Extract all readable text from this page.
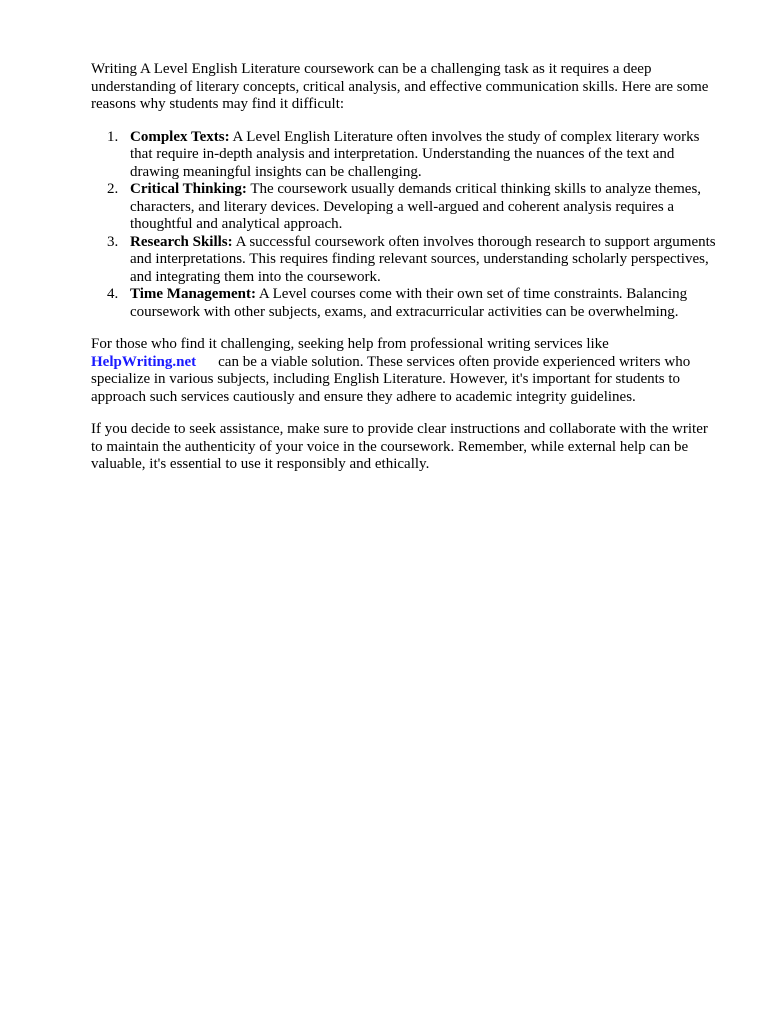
Writing A Level English Literature coursework can be a challenging task as it requires a deep understanding of literary concepts, critical analysis, and effective communication skills. Here are some reasons why students may find it difficult:

1. Complex Texts: A Level English Literature often involves the study of complex literary works that require in-depth analysis and interpretation. Understanding the nuances of the text and drawing meaningful insights can be challenging.
2. Critical Thinking: The coursework usually demands critical thinking skills to analyze themes, characters, and literary devices. Developing a well-argued and coherent analysis requires a thoughtful and analytical approach.
3. Research Skills: A successful coursework often involves thorough research to support arguments and interpretations. This requires finding relevant sources, understanding scholarly perspectives, and integrating them into the coursework.
4. Time Management: A Level courses come with their own set of time constraints. Balancing coursework with other subjects, exams, and extracurricular activities can be overwhelming.

For those who find it challenging, seeking help from professional writing services like
HelpWriting.net can be a viable solution. These services often provide experienced writers who specialize in various subjects, including English Literature. However, it's important for students to approach such services cautiously and ensure they adhere to academic integrity guidelines.

If you decide to seek assistance, make sure to provide clear instructions and collaborate with the writer to maintain the authenticity of your voice in the coursework. Remember, while external help can be valuable, it's essential to use it responsibly and ethically.
